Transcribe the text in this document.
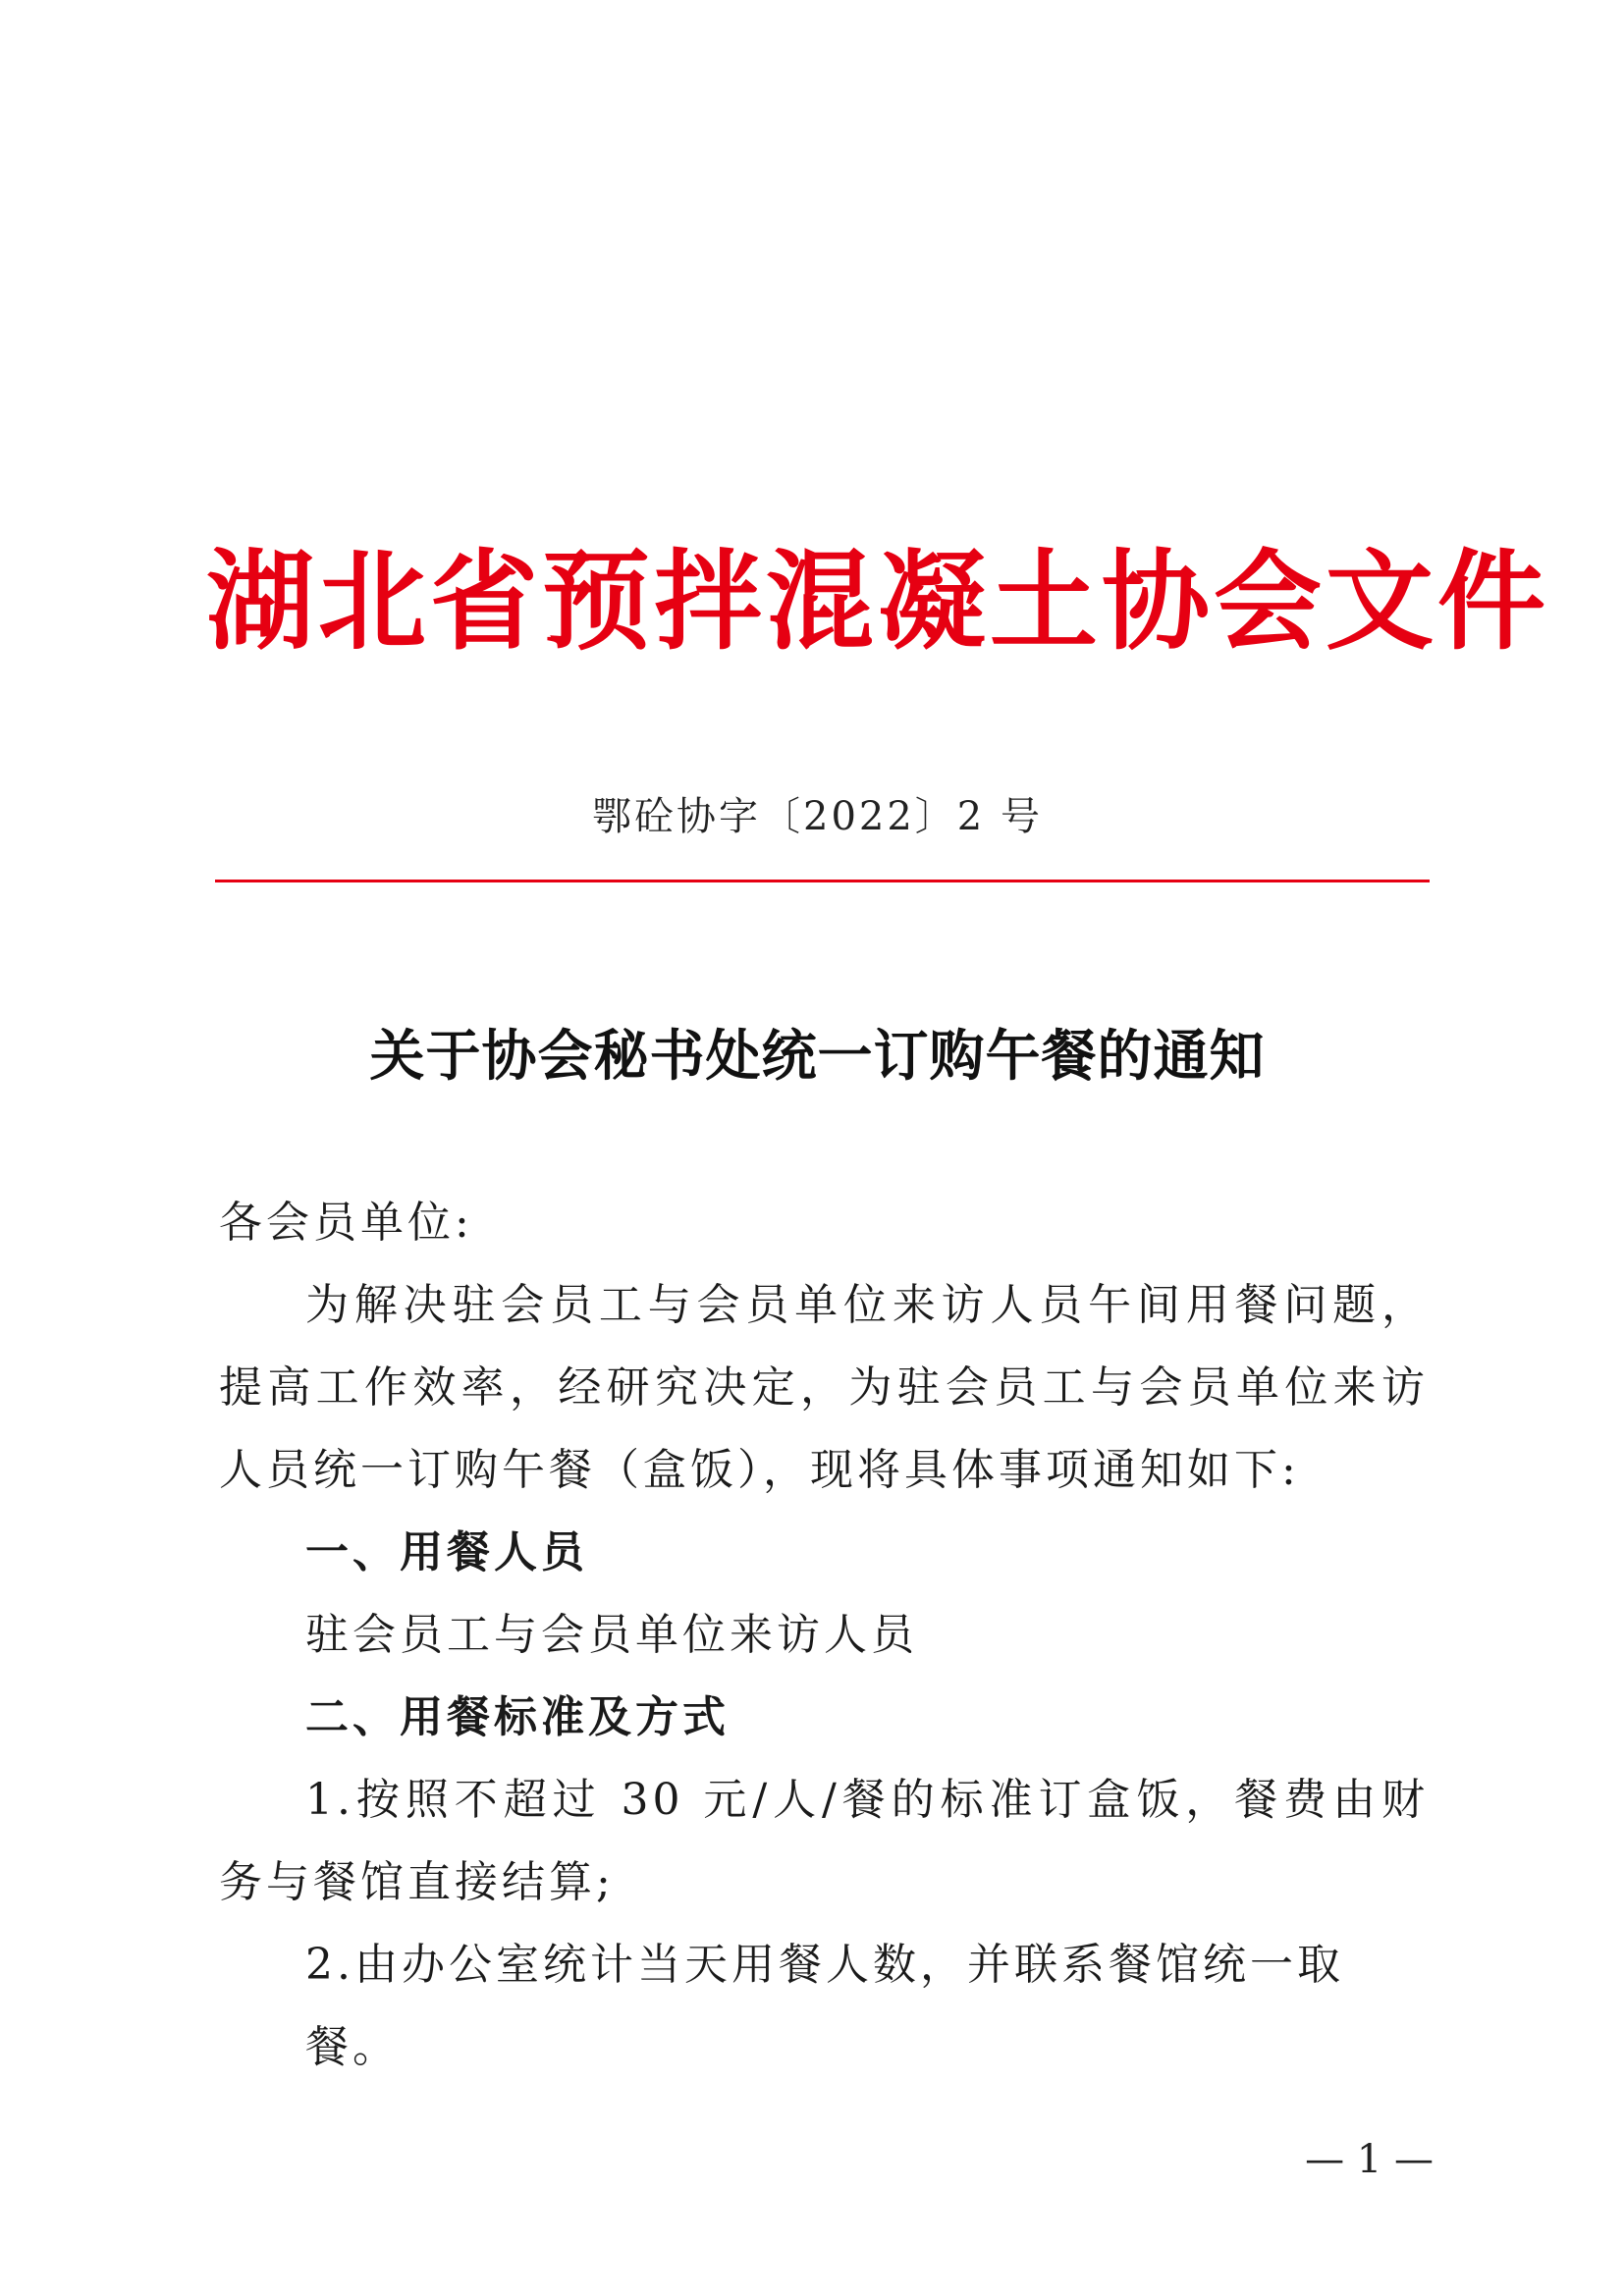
湖北省预拌混凝土协会文件
鄂砼协字〔2022〕2 号
关于协会秘书处统一订购午餐的通知
各会员单位:
为解决驻会员工与会员单位来访人员午间用餐问题，提高工作效率，经研究决定，为驻会员工与会员单位来访人员统一订购午餐（盒饭），现将具体事项通知如下:
一、用餐人员
驻会员工与会员单位来访人员
二、用餐标准及方式
1.按照不超过 30 元/人/餐的标准订盒饭，餐费由财务与餐馆直接结算;
2.由办公室统计当天用餐人数，并联系餐馆统一取餐。
— 1 —
